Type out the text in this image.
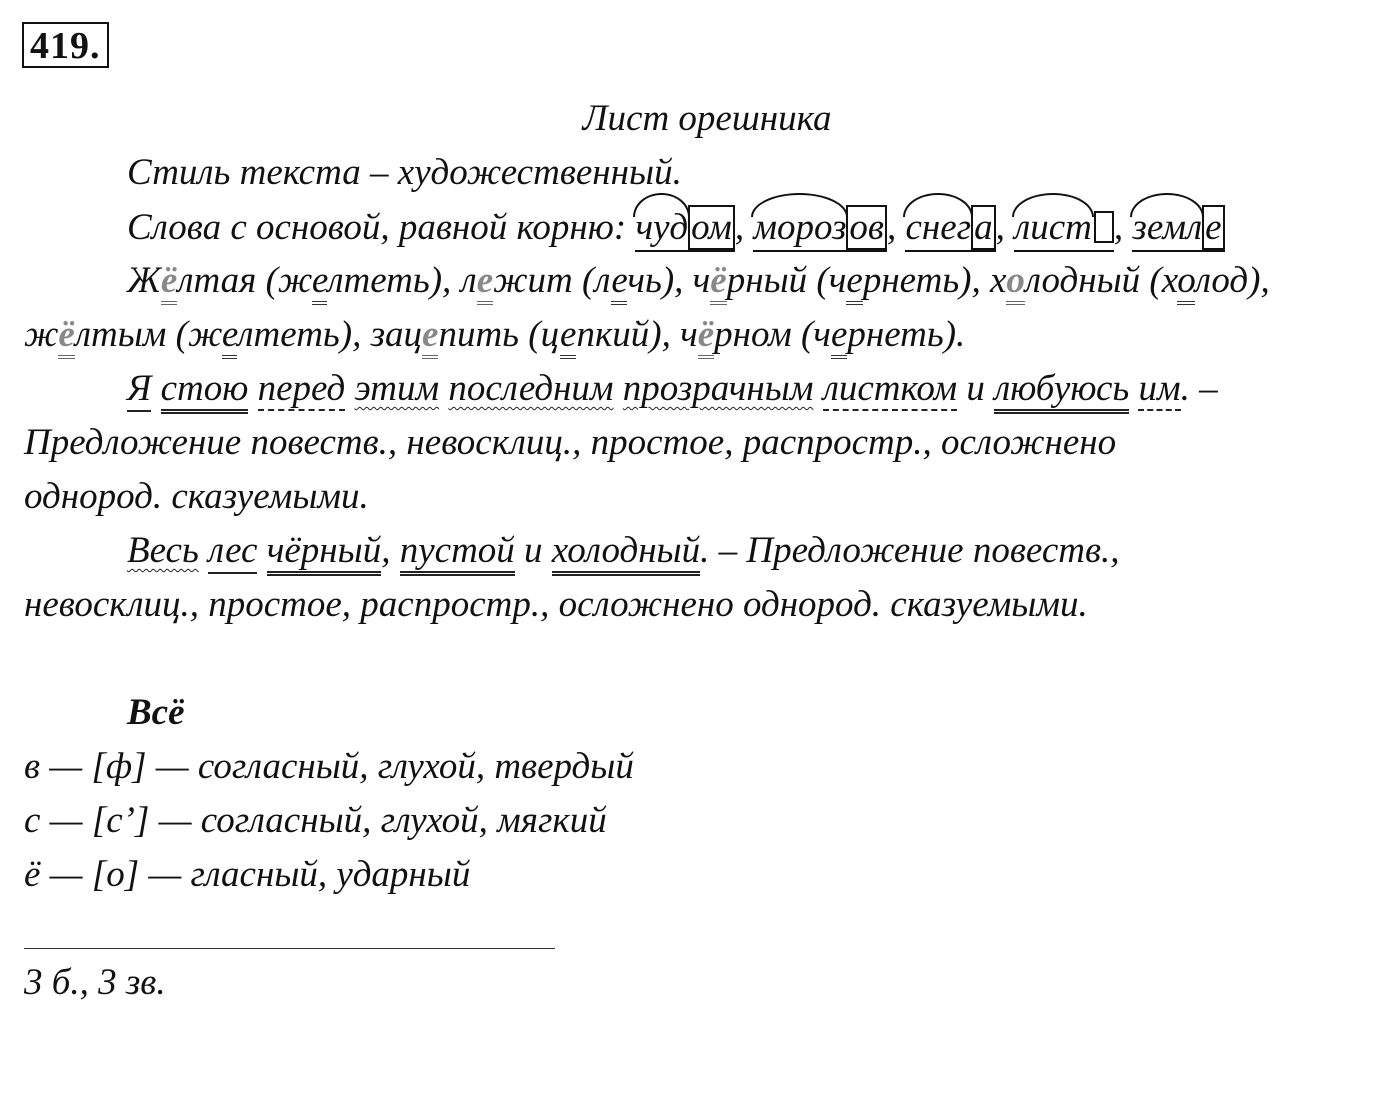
419.
Лист орешника
Стиль текста – художественный.
Слова с основой, равной корню: чудом, морозов, снега, лист , земле
Жёлтая (желтеть), лежит (лечь), чёрный (чернеть), холодный (холод),
жёлтым (желтеть), зацепить (цепкий), чёрном (чернеть).
Я стою перед этим последним прозрачным листком и любуюсь им. –
Предложение повеств., невосклиц., простое, распростр., осложнено
однород. сказуемыми.
Весь лес чёрный, пустой и холодный. – Предложение повеств.,
невосклиц., простое, распростр., осложнено однород. сказуемыми.
Всё
в — [ф] — согласный, глухой, твердый
с — [с’] — согласный, глухой, мягкий
ё — [о] — гласный, ударный
3 б., 3 зв.
